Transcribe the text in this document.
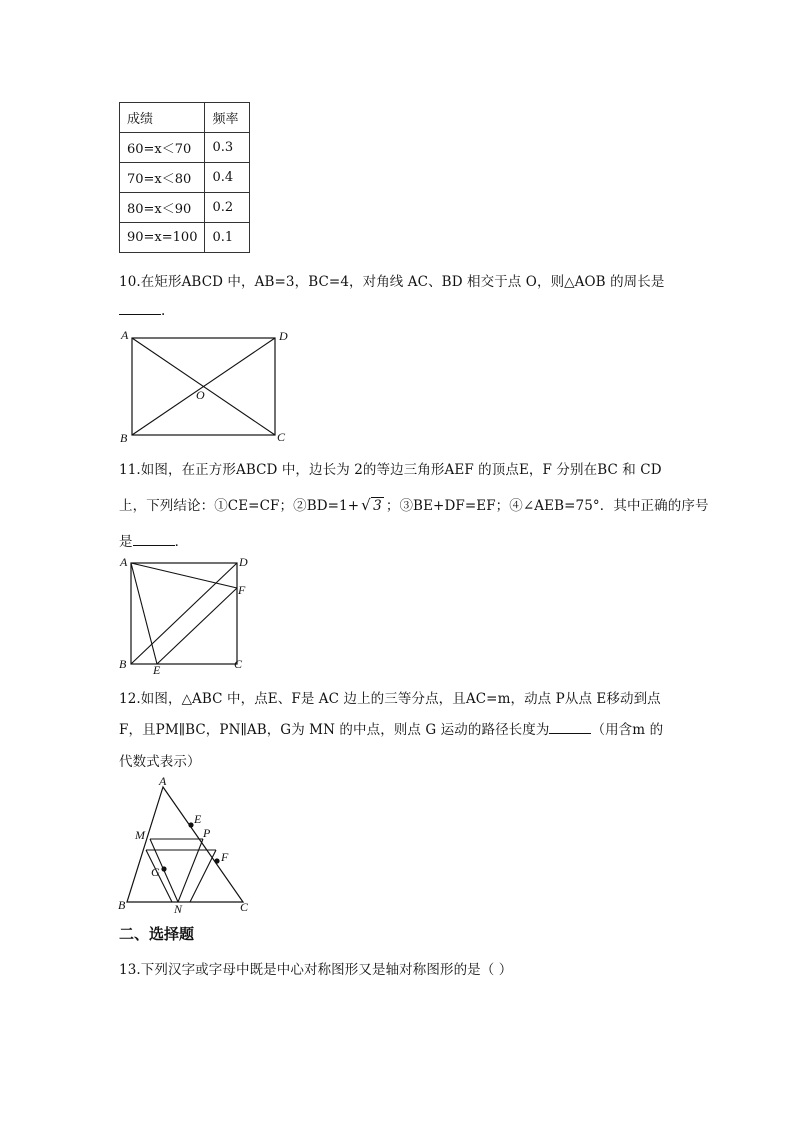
成绩	频率
60=x＜70	0.3
70=x＜80	0.4
80=x＜90	0.2
90=x=100	0.1
10.在矩形ABCD 中，AB=3，BC=4，对角线 AC、BD 相交于点 O，则△AOB 的周长是
.
A	D
O
B	C
11.如图，在正方形ABCD 中，边长为 2的等边三角形AEF 的顶点E，F 分别在BC 和 CD
上，下列结论：①CE=CF；②BD=1+ √ 3 ；③BE+DF=EF；④∠AEB=75°．其中正确的序号
是	．
A	D
F
B E	C
12.如图，△ABC 中，点E、F是 AC 边上的三等分点，且AC=m，动点 P从点 E移动到点
F，且PM∥BC，PN∥AB，G为 MN 的中点，则点 G 运动的路径长度为	（用含m 的
代数式表示）
A
E
M	P
F
G
B	N	C
二、选择题
13.下列汉字或字母中既是中心对称图形又是轴对称图形的是（ ）
